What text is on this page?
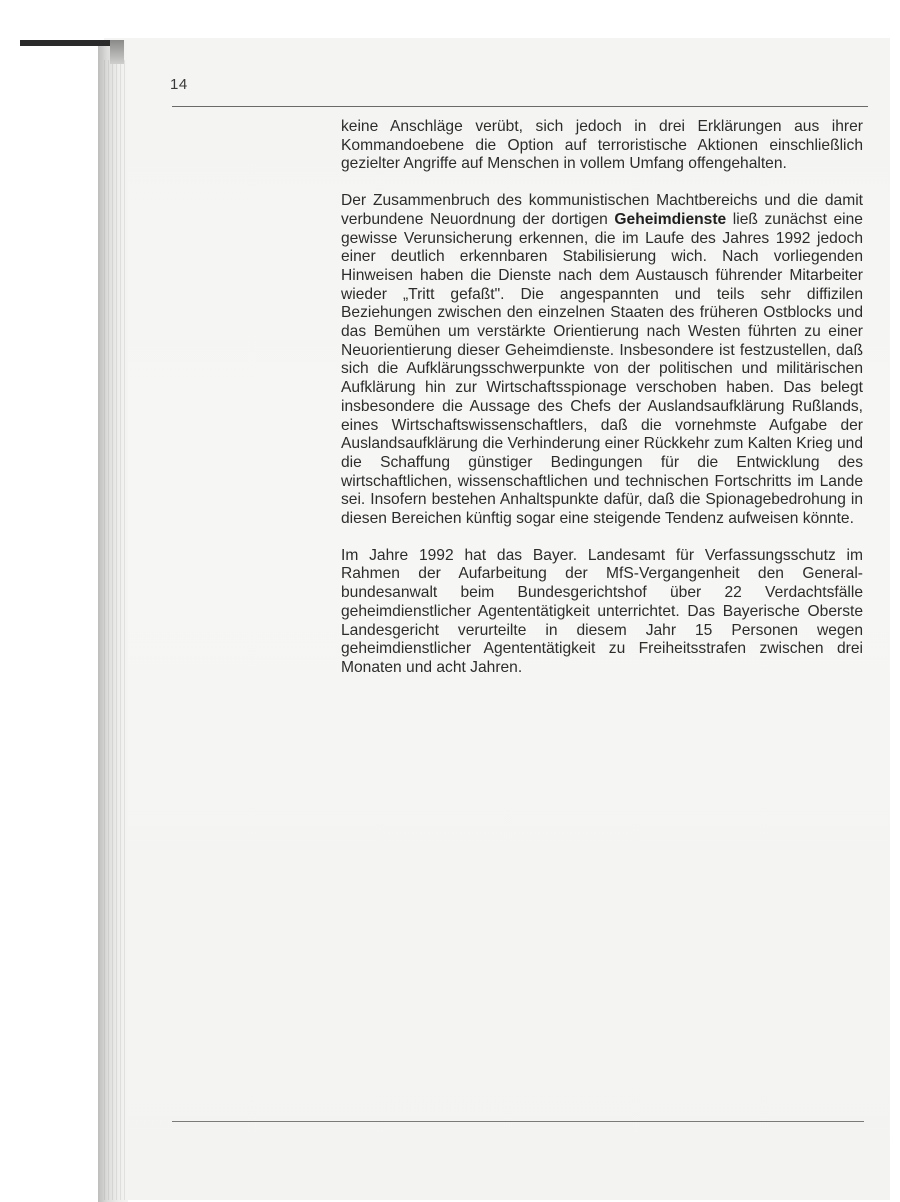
14

keine Anschläge verübt, sich jedoch in drei Erklärungen aus ihrer Kommandoebene die Option auf terroristische Aktionen einschließlich gezielter Angriffe auf Menschen in vollem Umfang offengehalten.

Der Zusammenbruch des kommunistischen Machtbereichs und die damit verbundene Neuordnung der dortigen Geheimdienste ließ zunächst eine gewisse Verunsicherung erkennen, die im Laufe des Jahres 1992 jedoch einer deutlich erkennbaren Stabilisierung wich. Nach vorliegenden Hinweisen haben die Dienste nach dem Austausch führender Mitarbeiter wieder „Tritt gefaßt". Die angespannten und teils sehr diffizilen Beziehungen zwischen den einzelnen Staaten des früheren Ostblocks und das Bemühen um verstärkte Orientierung nach Westen führten zu einer Neuorientierung dieser Geheimdienste. Insbesondere ist festzustellen, daß sich die Aufklärungsschwerpunkte von der politischen und militärischen Aufklärung hin zur Wirtschaftsspionage verschoben haben. Das belegt insbesondere die Aussage des Chefs der Auslandsaufklärung Rußlands, eines Wirtschaftswissenschaftlers, daß die vornehmste Aufgabe der Auslandsaufklärung die Verhinderung einer Rückkehr zum Kalten Krieg und die Schaffung günstiger Bedingungen für die Entwicklung des wirtschaftlichen, wissenschaftlichen und technischen Fortschritts im Lande sei. Insofern bestehen Anhaltspunkte dafür, daß die Spionagebedrohung in diesen Bereichen künftig sogar eine steigende Tendenz aufweisen könnte.

Im Jahre 1992 hat das Bayer. Landesamt für Verfassungsschutz im Rahmen der Aufarbeitung der MfS-Vergangenheit den Generalbundesanwalt beim Bundesgerichtshof über 22 Verdachtsfälle geheimdienstlicher Agententätigkeit unterrichtet. Das Bayerische Oberste Landesgericht verurteilte in diesem Jahr 15 Personen wegen geheimdienstlicher Agententätigkeit zu Freiheitsstrafen zwischen drei Monaten und acht Jahren.
